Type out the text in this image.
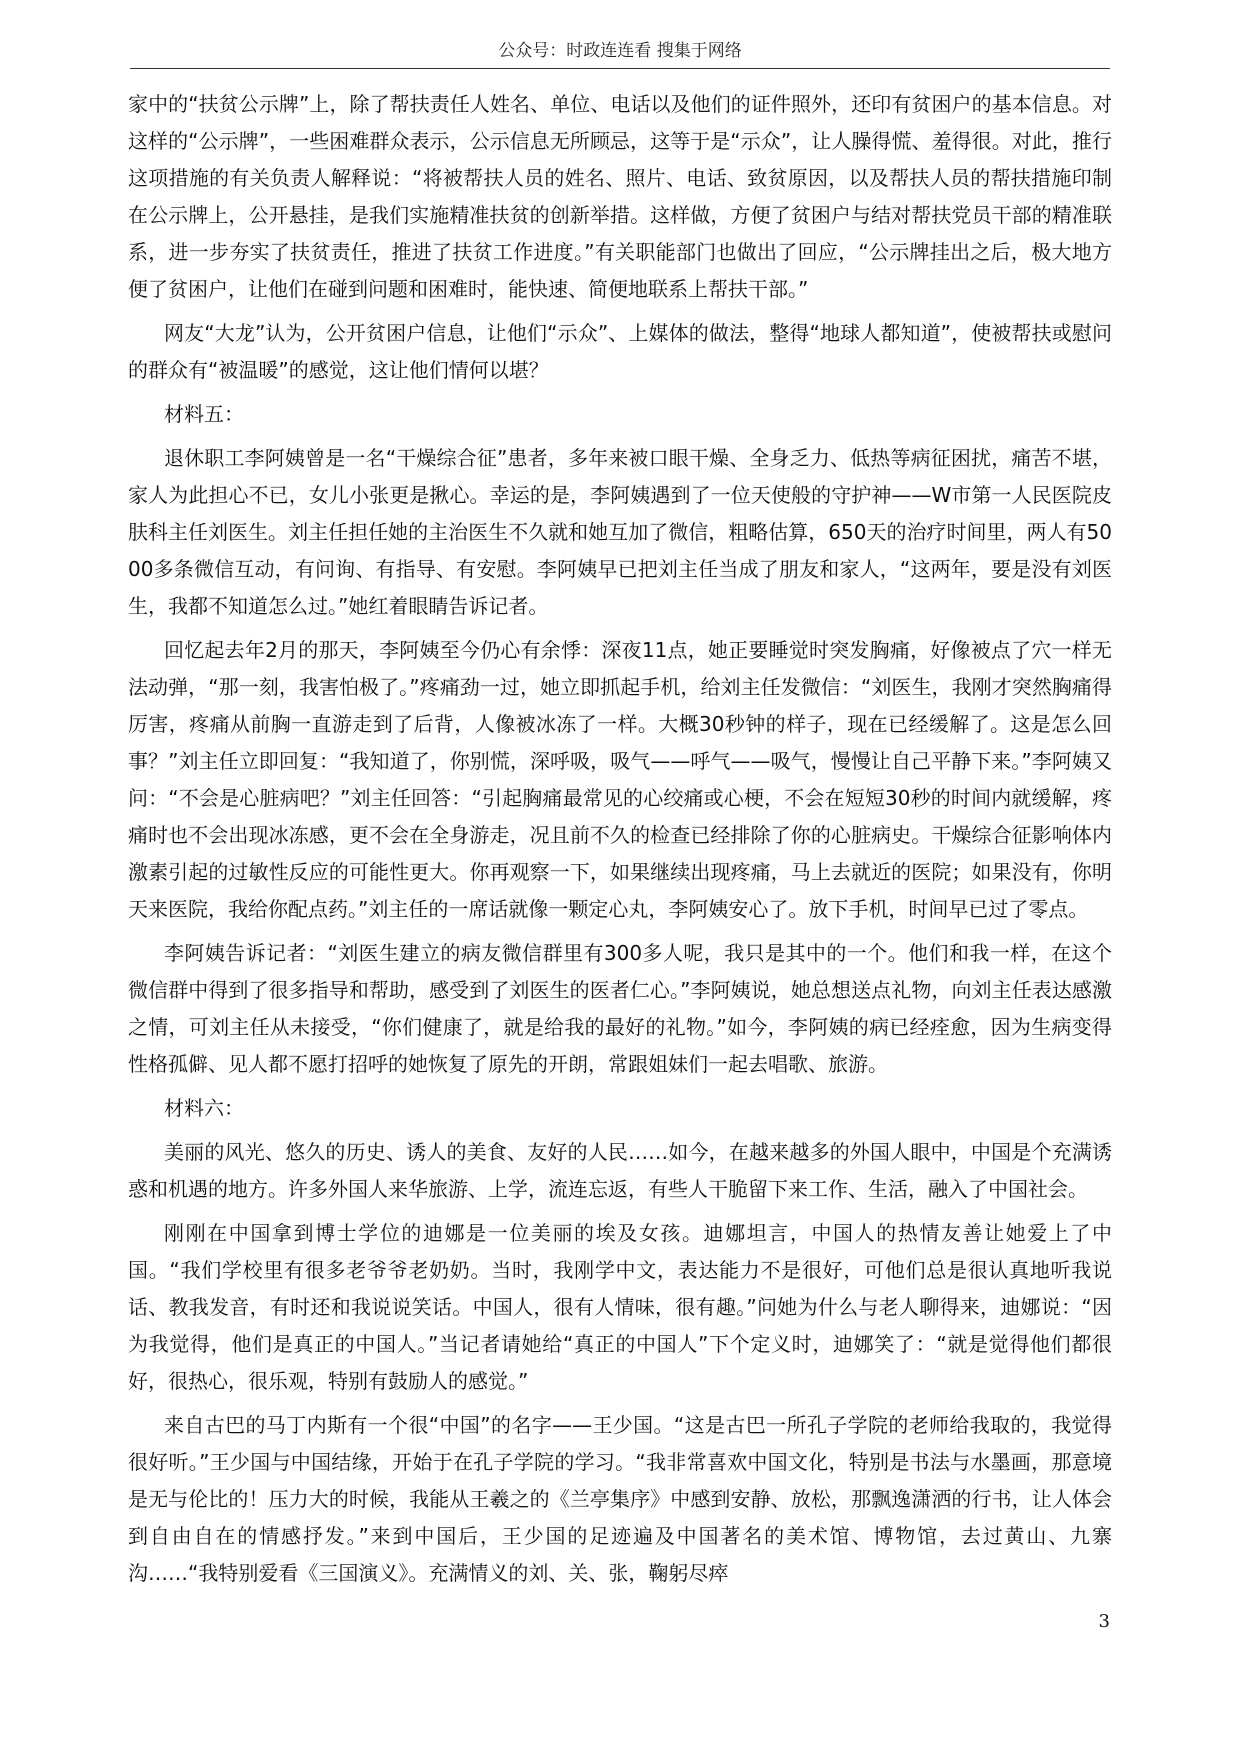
公众号：时政连连看 搜集于网络

家中的“扶贫公示牌”上，除了帮扶责任人姓名、单位、电话以及他们的证件照外，还印有贫困户的基本信息。对这样的“公示牌”，一些困难群众表示，公示信息无所顾忌，这等于是“示众”，让人臊得慌、羞得很。对此，推行这项措施的有关负责人解释说：“将被帮扶人员的姓名、照片、电话、致贫原因，以及帮扶人员的帮扶措施印制在公示牌上，公开悬挂，是我们实施精准扶贫的创新举措。这样做，方便了贫困户与结对帮扶党员干部的精准联系，进一步夯实了扶贫责任，推进了扶贫工作进度。”有关职能部门也做出了回应，“公示牌挂出之后，极大地方便了贫困户，让他们在碰到问题和困难时，能快速、简便地联系上帮扶干部。”

网友“大龙”认为，公开贫困户信息，让他们“示众”、上媒体的做法，整得“地球人都知道”，使被帮扶或慰问的群众有“被温暖”的感觉，这让他们情何以堪？

材料五：

退休职工李阿姨曾是一名“干燥综合征”患者，多年来被口眼干燥、全身乏力、低热等病征困扰，痛苦不堪，家人为此担心不已，女儿小张更是揪心。幸运的是，李阿姨遇到了一位天使般的守护神——W市第一人民医院皮肤科主任刘医生。刘主任担任她的主治医生不久就和她互加了微信，粗略估算，650天的治疗时间里，两人有5000多条微信互动，有问询、有指导、有安慰。李阿姨早已把刘主任当成了朋友和家人，“这两年，要是没有刘医生，我都不知道怎么过。”她红着眼睛告诉记者。

回忆起去年2月的那天，李阿姨至今仍心有余悸：深夜11点，她正要睡觉时突发胸痛，好像被点了穴一样无法动弹，“那一刻，我害怕极了。”疼痛劲一过，她立即抓起手机，给刘主任发微信：“刘医生，我刚才突然胸痛得厉害，疼痛从前胸一直游走到了后背，人像被冰冻了一样。大概30秒钟的样子，现在已经缓解了。这是怎么回事？”刘主任立即回复：“我知道了，你别慌，深呼吸，吸气——呼气——吸气，慢慢让自己平静下来。”李阿姨又问：“不会是心脏病吧？”刘主任回答：“引起胸痛最常见的心绞痛或心梗，不会在短短30秒的时间内就缓解，疼痛时也不会出现冰冻感，更不会在全身游走，况且前不久的检查已经排除了你的心脏病史。干燥综合征影响体内激素引起的过敏性反应的可能性更大。你再观察一下，如果继续出现疼痛，马上去就近的医院；如果没有，你明天来医院，我给你配点药。”刘主任的一席话就像一颗定心丸，李阿姨安心了。放下手机，时间早已过了零点。

李阿姨告诉记者：“刘医生建立的病友微信群里有300多人呢，我只是其中的一个。他们和我一样，在这个微信群中得到了很多指导和帮助，感受到了刘医生的医者仁心。”李阿姨说，她总想送点礼物，向刘主任表达感激之情，可刘主任从未接受，“你们健康了，就是给我的最好的礼物。”如今，李阿姨的病已经痊愈，因为生病变得性格孤僻、见人都不愿打招呼的她恢复了原先的开朗，常跟姐妹们一起去唱歌、旅游。

材料六：

美丽的风光、悠久的历史、诱人的美食、友好的人民……如今，在越来越多的外国人眼中，中国是个充满诱惑和机遇的地方。许多外国人来华旅游、上学，流连忘返，有些人干脆留下来工作、生活，融入了中国社会。

刚刚在中国拿到博士学位的迪娜是一位美丽的埃及女孩。迪娜坦言，中国人的热情友善让她爱上了中国。“我们学校里有很多老爷爷老奶奶。当时，我刚学中文，表达能力不是很好，可他们总是很认真地听我说话、教我发音，有时还和我说说笑话。中国人，很有人情味，很有趣。”问她为什么与老人聊得来，迪娜说：“因为我觉得，他们是真正的中国人。”当记者请她给“真正的中国人”下个定义时，迪娜笑了：“就是觉得他们都很好，很热心，很乐观，特别有鼓励人的感觉。”

来自古巴的马丁内斯有一个很“中国”的名字——王少国。“这是古巴一所孔子学院的老师给我取的，我觉得很好听。”王少国与中国结缘，开始于在孔子学院的学习。“我非常喜欢中国文化，特别是书法与水墨画，那意境是无与伦比的！压力大的时候，我能从王羲之的《兰亭集序》中感到安静、放松，那飘逸潇洒的行书，让人体会到自由自在的情感抒发。”来到中国后，王少国的足迹遍及中国著名的美术馆、博物馆，去过黄山、九寨沟……“我特别爱看《三国演义》。充满情义的刘、关、张，鞠躬尽瘁

3
